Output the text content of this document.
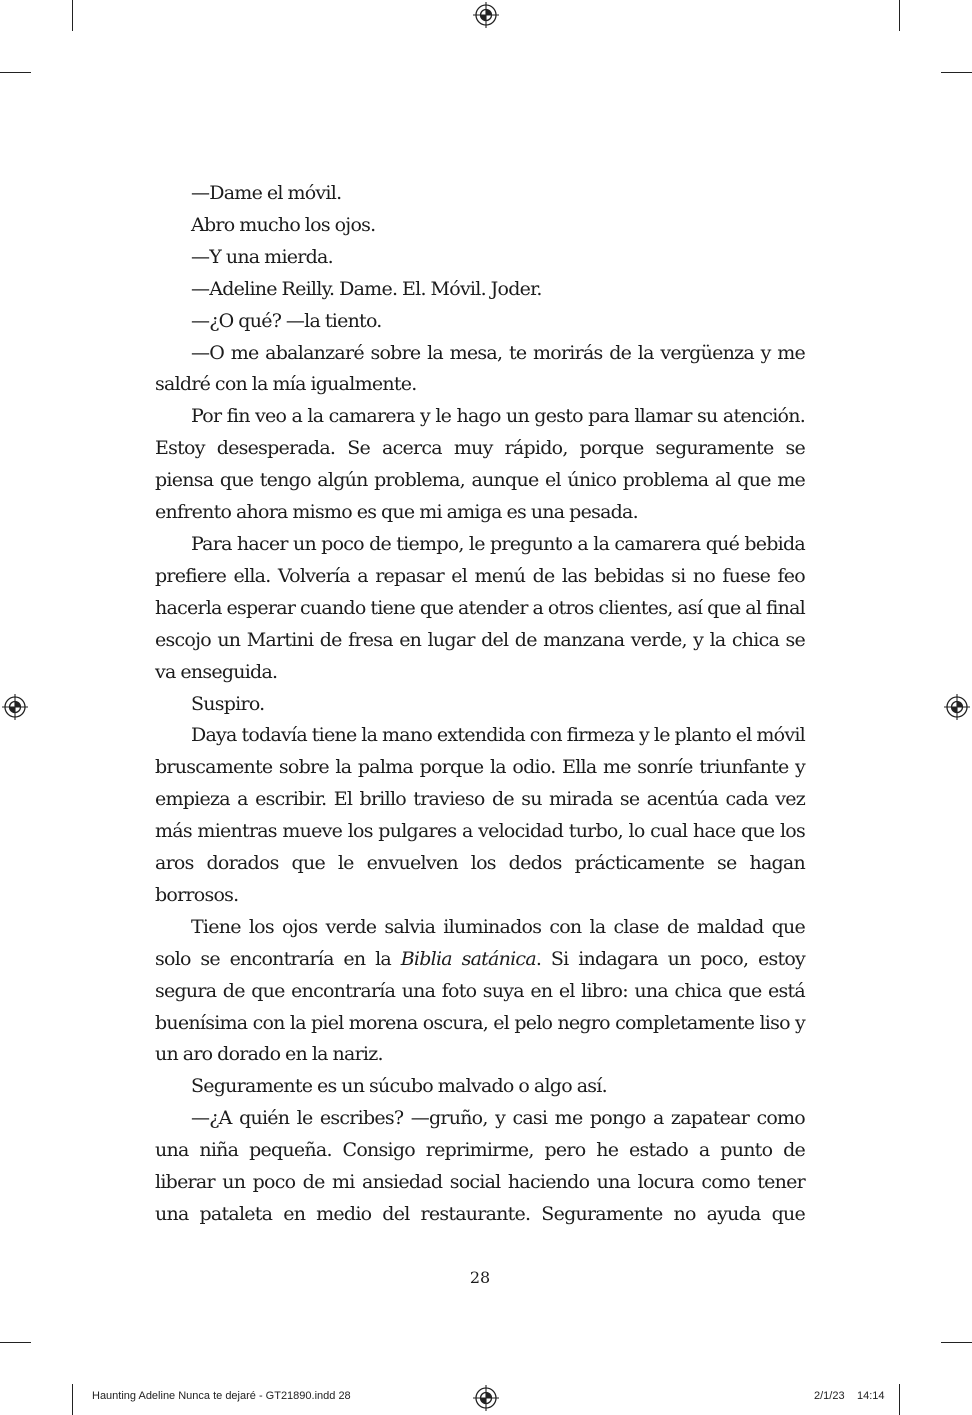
—Dame el móvil.

Abro mucho los ojos.

—Y una mierda.

—Adeline Reilly. Dame. El. Móvil. Joder.

—¿O qué? —la tiento.

—O me abalanzaré sobre la mesa, te morirás de la vergüenza y me saldré con la mía igualmente.

Por fin veo a la camarera y le hago un gesto para llamar su atención. Estoy desesperada. Se acerca muy rápido, porque seguramente se piensa que tengo algún problema, aunque el único problema al que me enfrento ahora mismo es que mi amiga es una pesada.

Para hacer un poco de tiempo, le pregunto a la camarera qué bebida prefiere ella. Volvería a repasar el menú de las bebidas si no fuese feo hacerla esperar cuando tiene que atender a otros clientes, así que al final escojo un Martini de fresa en lugar del de manzana verde, y la chica se va enseguida.

Suspiro.

Daya todavía tiene la mano extendida con firmeza y le planto el móvil bruscamente sobre la palma porque la odio. Ella me sonríe triunfante y empieza a escribir. El brillo travieso de su mirada se acentúa cada vez más mientras mueve los pulgares a velocidad turbo, lo cual hace que los aros dorados que le envuelven los dedos prácticamente se hagan borrosos.

Tiene los ojos verde salvia iluminados con la clase de maldad que solo se encontraría en la Biblia satánica. Si indagara un poco, estoy segura de que encontraría una foto suya en el libro: una chica que está buenísima con la piel morena oscura, el pelo negro completamente liso y un aro dorado en la nariz.

Seguramente es un súcubo malvado o algo así.

—¿A quién le escribes? —gruño, y casi me pongo a zapatear como una niña pequeña. Consigo reprimirme, pero he estado a punto de liberar un poco de mi ansiedad social haciendo una locura como tener una pataleta en medio del restaurante. Seguramente no ayuda que

28
Haunting Adeline Nunca te dejaré - GT21890.indd 28	2/1/23 14:14
